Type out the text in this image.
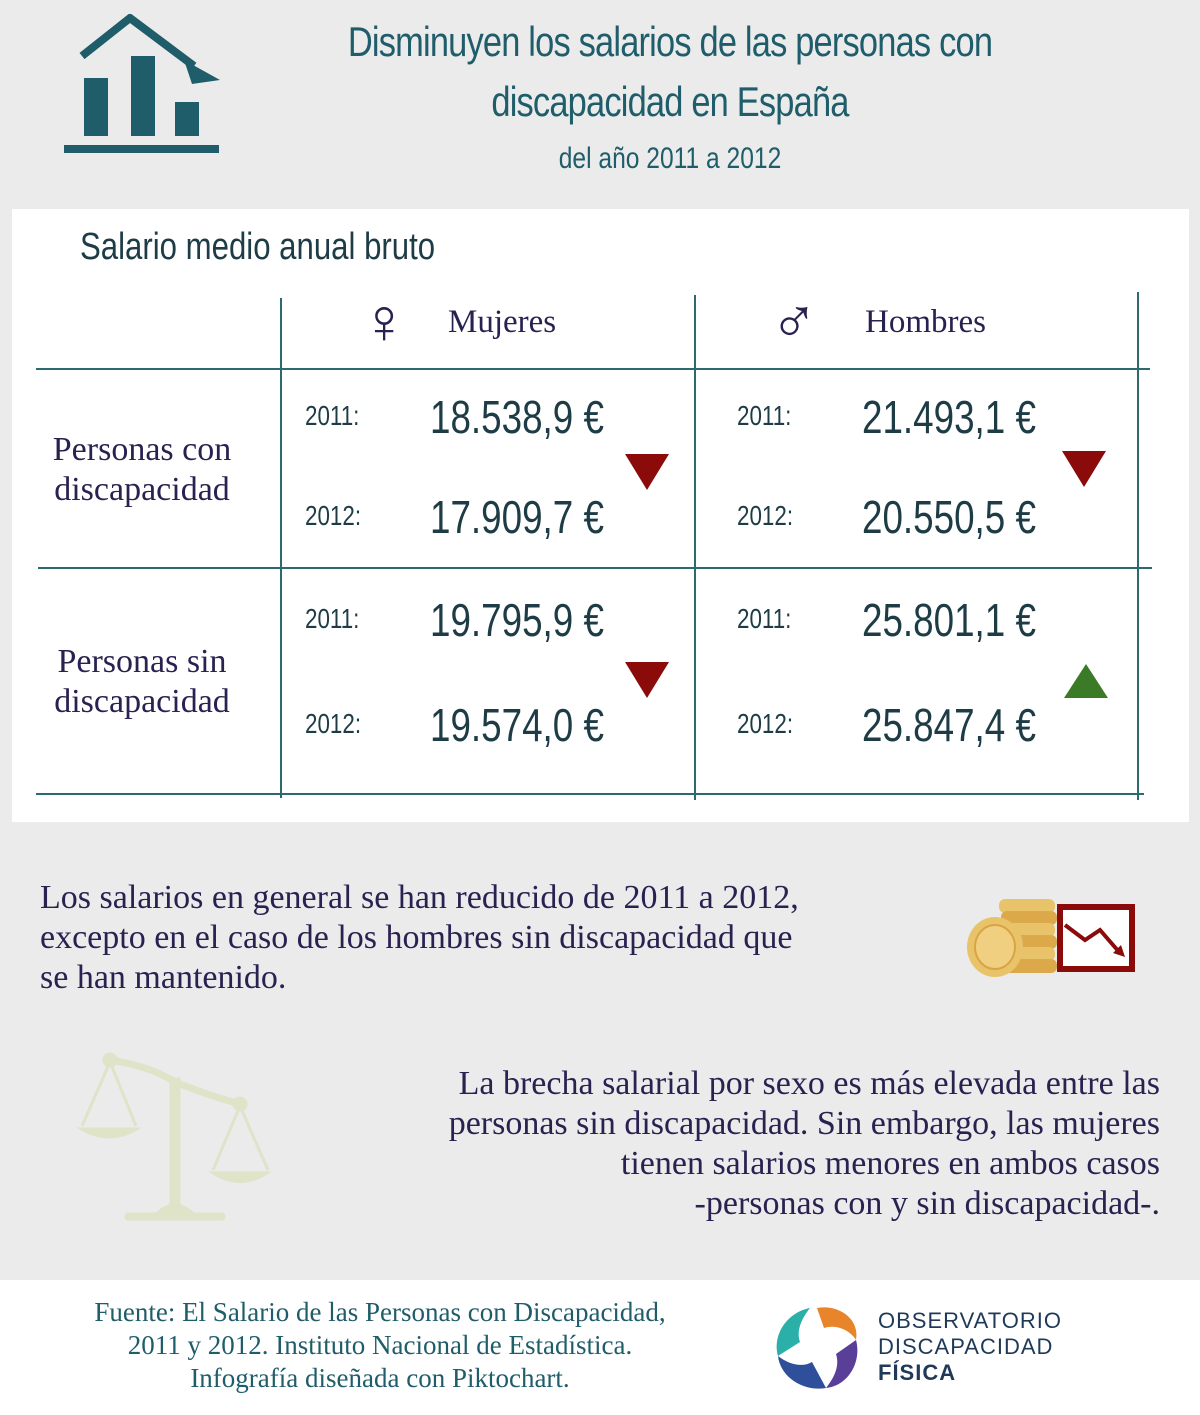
Disminuyen los salarios de las personas con
discapacidad en España
del año 2011 a 2012
Salario medio anual bruto
♀ Mujeres	♂ Hombres
Personas con
discapacidad
Personas sin
discapacidad
2011: 18.538,9 €
2012: 17.909,7 €
2011: 21.493,1 €
2012: 20.550,5 €
2011: 19.795,9 €
2012: 19.574,0 €
2011: 25.801,1 €
2012: 25.847,4 €
Los salarios en general se han reducido de 2011 a 2012,
excepto en el caso de los hombres sin discapacidad que
se han mantenido.
La brecha salarial por sexo es más elevada entre las
personas sin discapacidad. Sin embargo, las mujeres
tienen salarios menores en ambos casos
-personas con y sin discapacidad-.
Fuente: El Salario de las Personas con Discapacidad,
2011 y 2012. Instituto Nacional de Estadística.
Infografía diseñada con Piktochart.
OBSERVATORIO
DISCAPACIDAD
FÍSICA
